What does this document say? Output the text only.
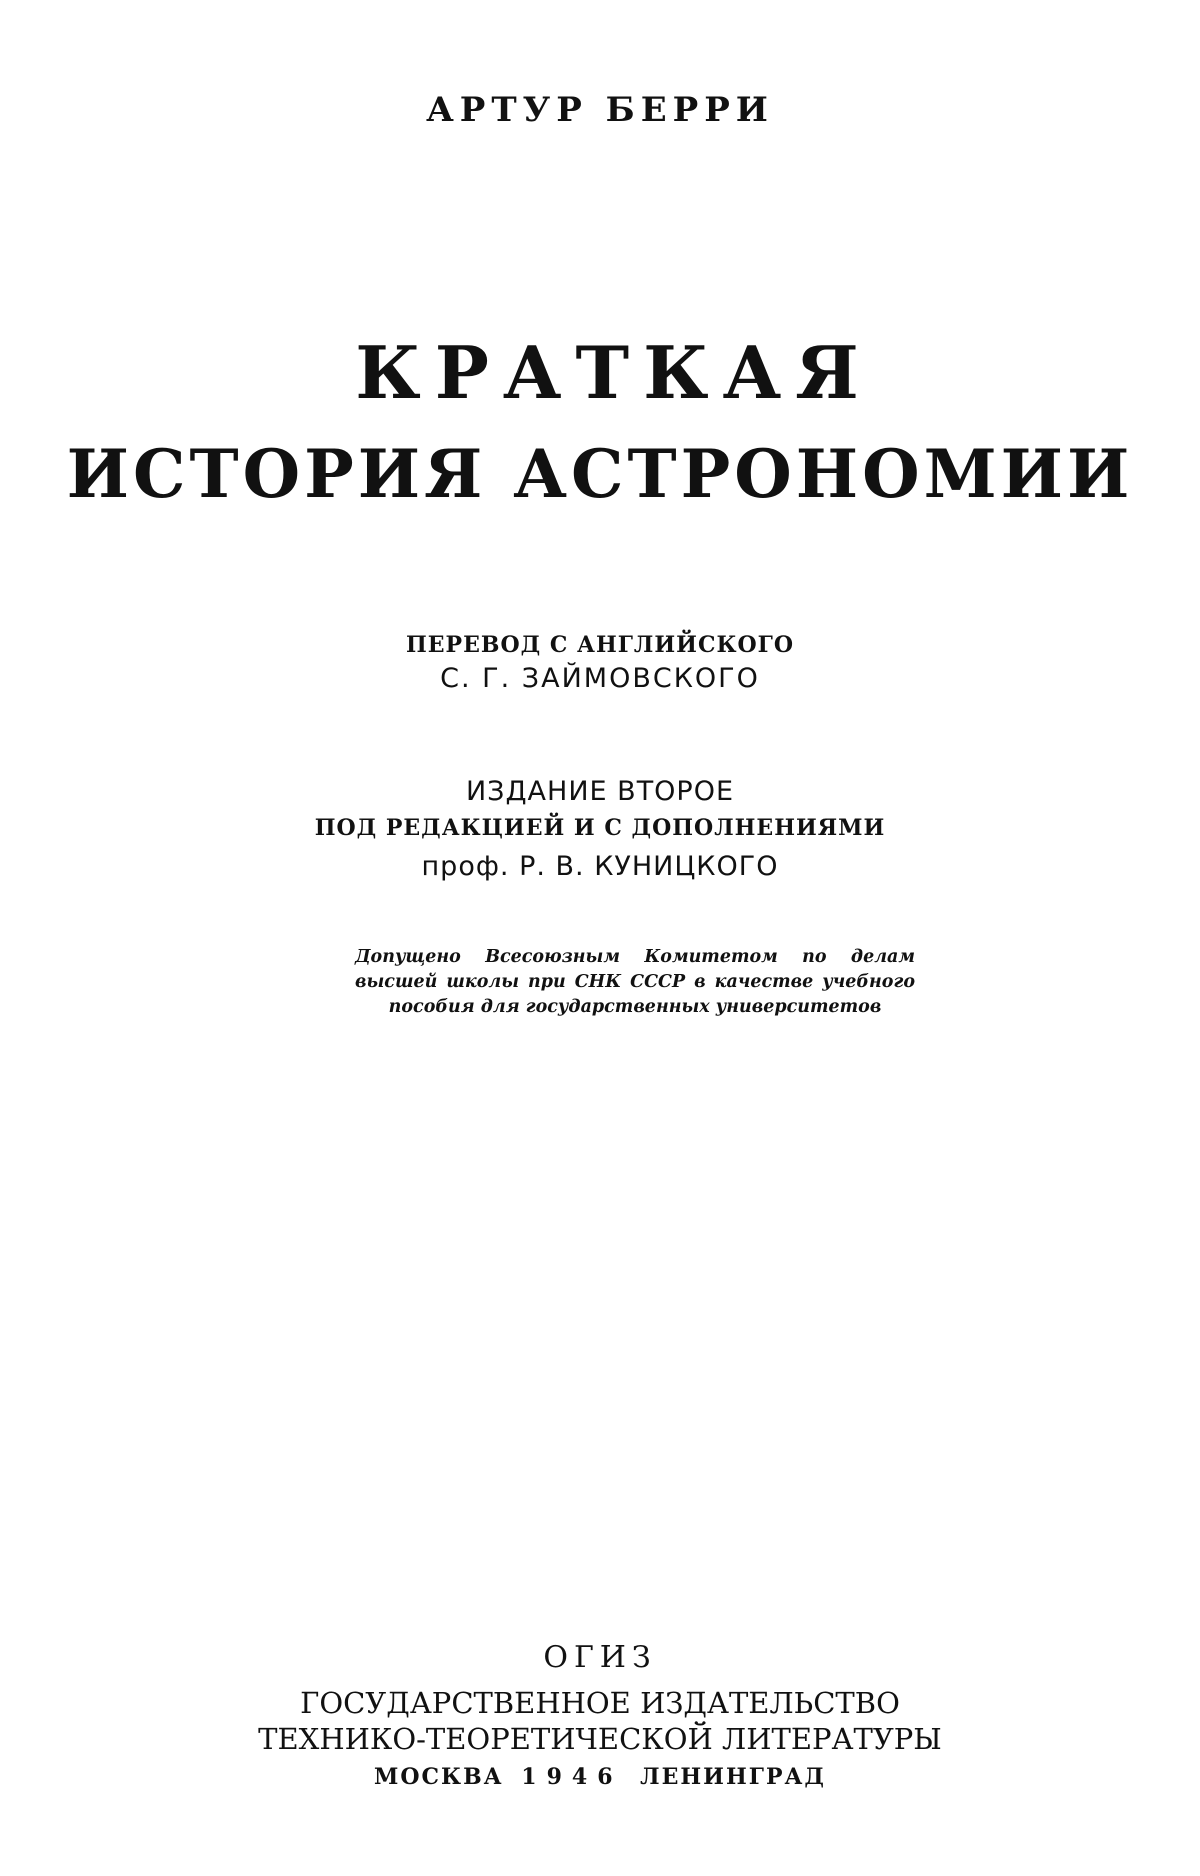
АРТУР БЕРРИ
КРАТКАЯ
ИСТОРИЯ АСТРОНОМИИ
ПЕРЕВОД С АНГЛИЙСКОГО
С. Г. ЗАЙМОВСКОГО
ИЗДАНИЕ ВТОРОЕ
ПОД РЕДАКЦИЕЙ И С ДОПОЛНЕНИЯМИ
проф. Р. В. КУНИЦКОГО
Допущено Всесоюзным Комитетом по делам высшей школы при СНК СССР в качестве учебного пособия для государственных университетов
ОГИЗ
ГОСУДАРСТВЕННОЕ ИЗДАТЕЛЬСТВО
ТЕХНИКО-ТЕОРЕТИЧЕСКОЙ ЛИТЕРАТУРЫ
МОСКВА 1946 ЛЕНИНГРАД
